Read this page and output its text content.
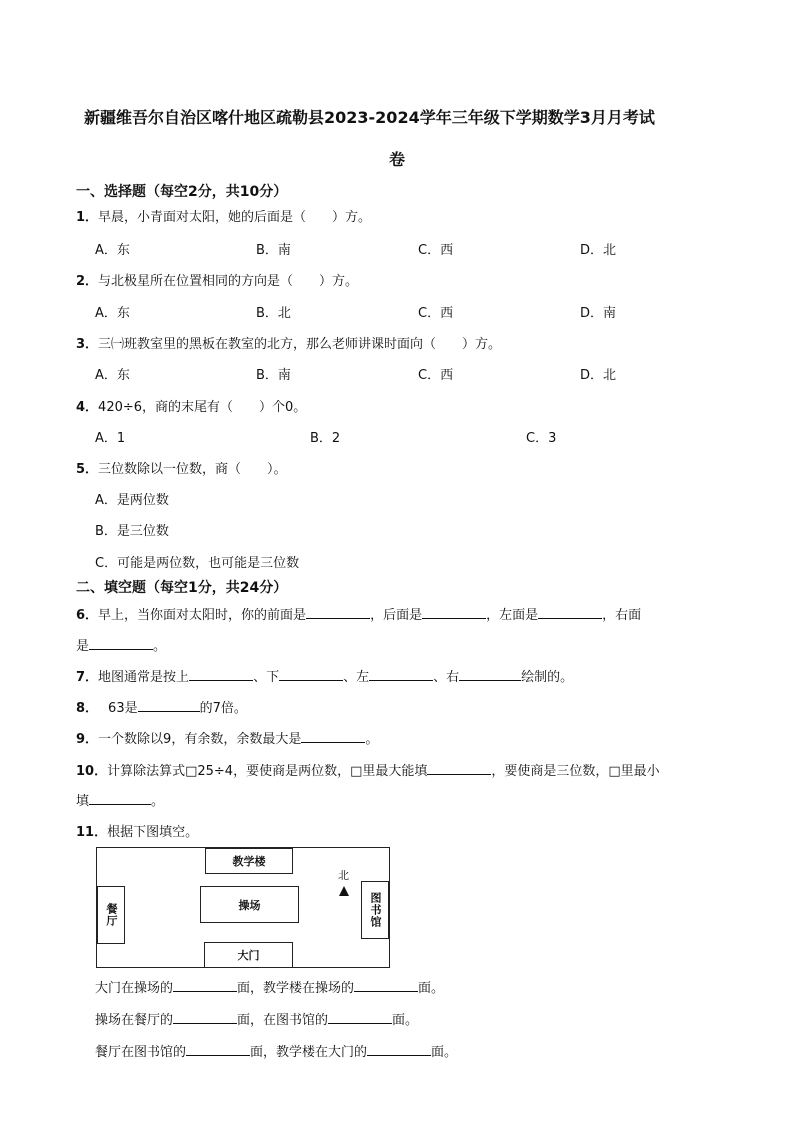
新疆维吾尔自治区喀什地区疏勒县2023-2024学年三年级下学期数学3月月考试
卷
一、选择题（每空2分，共10分）
1．早晨，小青面对太阳，她的后面是（　　）方。
A．东	B．南	C．西	D．北
2．与北极星所在位置相同的方向是（　　）方。
A．东	B．北	C．西	D．南
3．三㈠班教室里的黑板在教室的北方，那么老师讲课时面向（　　）方。
A．东	B．南	C．西	D．北
4．420÷6，商的末尾有（　　）个0。
A．1	B．2	C．3
5．三位数除以一位数，商（　　）。
A．是两位数
B．是三位数
C．可能是两位数，也可能是三位数
二、填空题（每空1分，共24分）
6．早上，当你面对太阳时，你的前面是	，后面是	，左面是	，右面
是	。
7．地图通常是按上	、下	、左	、右	绘制的。
8． 63是	的7倍。
9．一个数除以9，有余数，余数最大是	。
10．计算除法算式□25÷4，要使商是两位数，□里最大能填	，要使商是三位数，□里最小
填	。
11．根据下图填空。
教学楼
操场
餐厅	图书馆
大门
北
大门在操场的	面，教学楼在操场的	面。
操场在餐厅的	面，在图书馆的	面。
餐厅在图书馆的	面，教学楼在大门的	面。
